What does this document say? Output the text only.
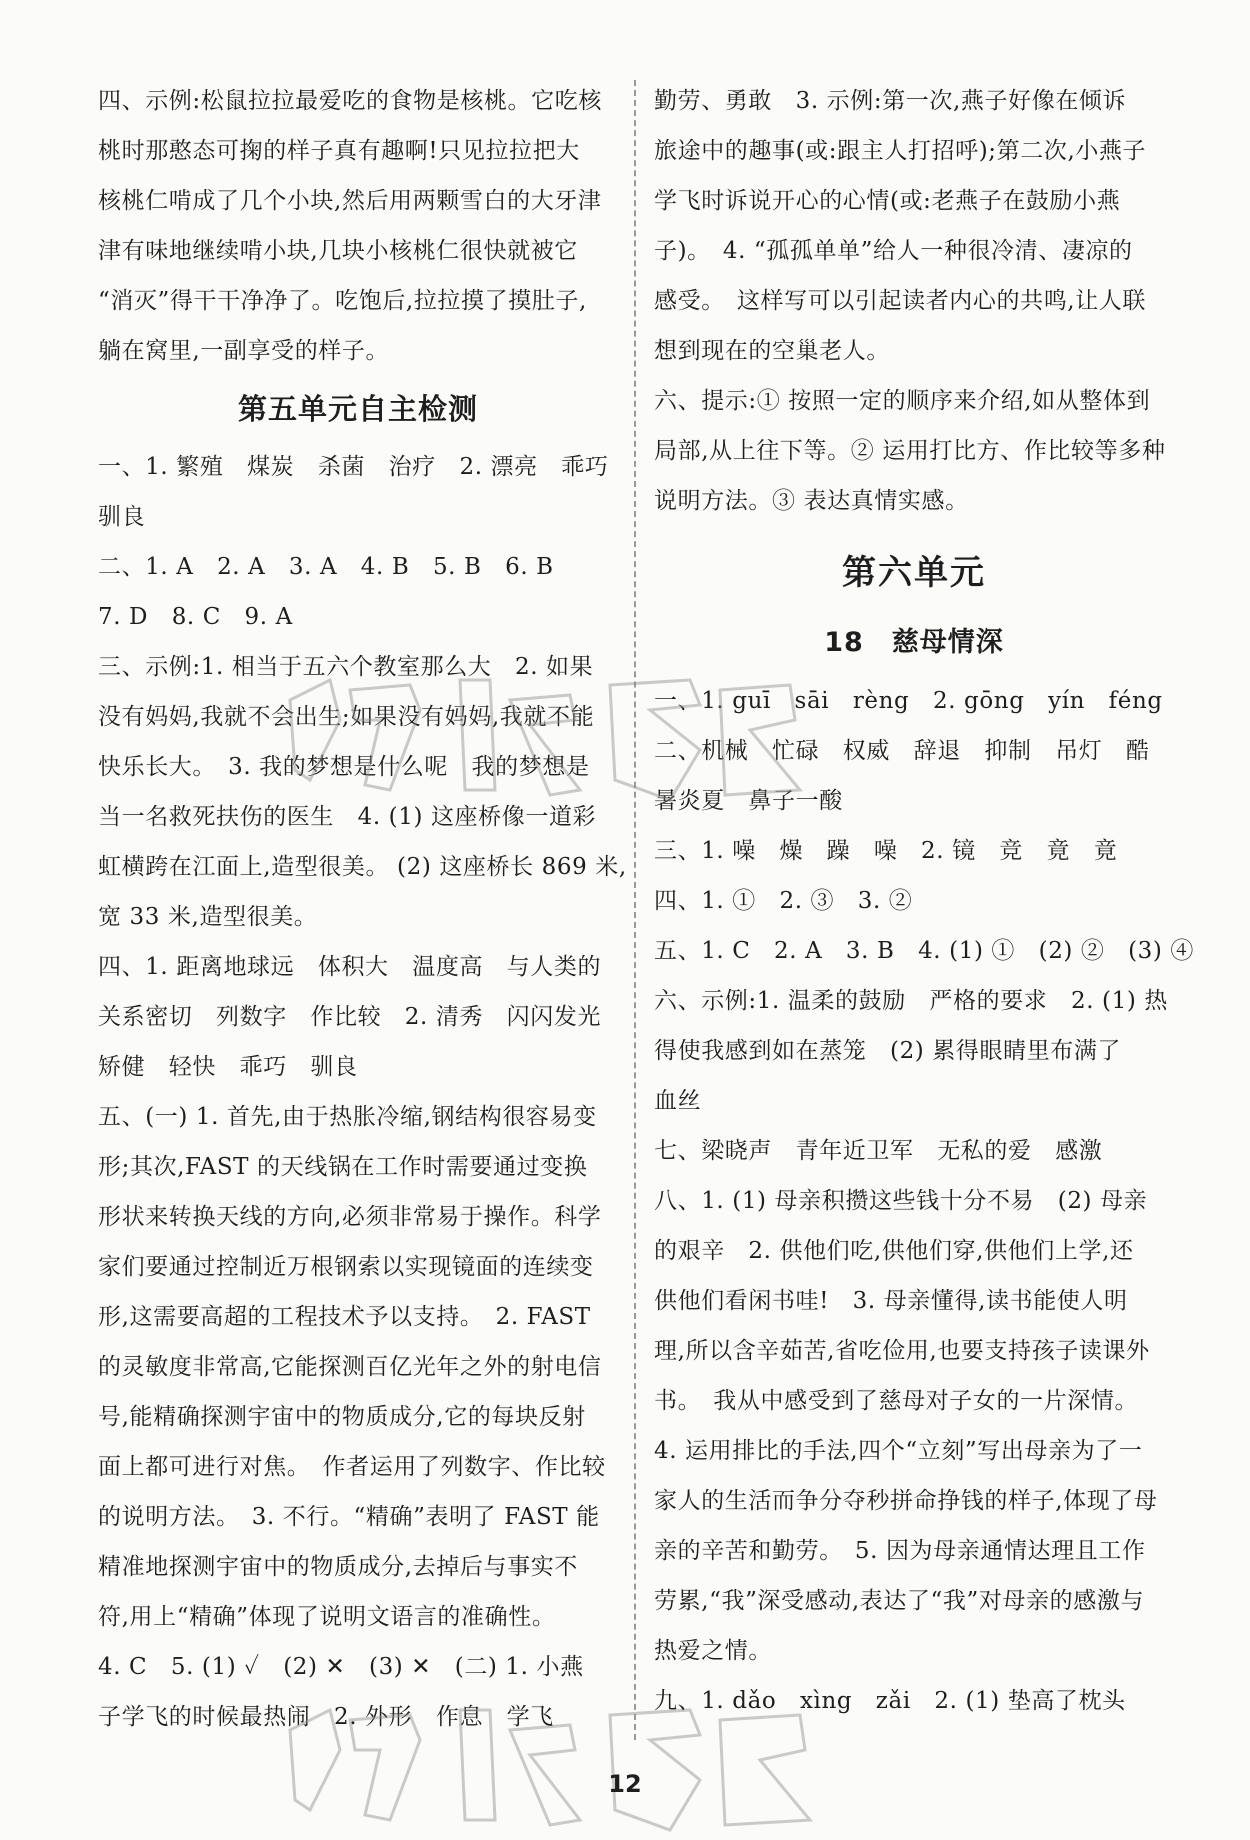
四、示例:松鼠拉拉最爱吃的食物是核桃。它吃核

桃时那憨态可掬的样子真有趣啊!只见拉拉把大

核桃仁啃成了几个小块,然后用两颗雪白的大牙津

津有味地继续啃小块,几块小核桃仁很快就被它

“消灭”得干干净净了。吃饱后,拉拉摸了摸肚子,

躺在窝里,一副享受的样子。

第五单元自主检测

一、1. 繁殖　煤炭　杀菌　治疗　2. 漂亮　乖巧

驯良

二、1. A　2. A　3. A　4. B　5. B　6. B

7. D　8. C　9. A

三、示例:1. 相当于五六个教室那么大　2. 如果

没有妈妈,我就不会出生;如果没有妈妈,我就不能

快乐长大。　3. 我的梦想是什么呢　我的梦想是

当一名救死扶伤的医生　4. (1) 这座桥像一道彩

虹横跨在江面上,造型很美。 (2) 这座桥长 869 米,

宽 33 米,造型很美。

四、1. 距离地球远　体积大　温度高　与人类的

关系密切　列数字　作比较　2. 清秀　闪闪发光

矫健　轻快　乖巧　驯良

五、(一) 1. 首先,由于热胀冷缩,钢结构很容易变

形;其次,FAST 的天线锅在工作时需要通过变换

形状来转换天线的方向,必须非常易于操作。科学

家们要通过控制近万根钢索以实现镜面的连续变

形,这需要高超的工程技术予以支持。　2. FAST

的灵敏度非常高,它能探测百亿光年之外的射电信

号,能精确探测宇宙中的物质成分,它的每块反射

面上都可进行对焦。　作者运用了列数字、作比较

的说明方法。　3. 不行。“精确”表明了 FAST 能

精准地探测宇宙中的物质成分,去掉后与事实不

符,用上“精确”体现了说明文语言的准确性。

4. C　5. (1) ✓　(2) ✕　(3) ✕　(二) 1. 小燕

子学飞的时候最热闹　2. 外形　作息　学飞

勤劳、勇敢　3. 示例:第一次,燕子好像在倾诉

旅途中的趣事(或:跟主人打招呼);第二次,小燕子

学飞时诉说开心的心情(或:老燕子在鼓励小燕

子)。　4. “孤孤单单”给人一种很冷清、凄凉的

感受。　这样写可以引起读者内心的共鸣,让人联

想到现在的空巢老人。

六、提示:① 按照一定的顺序来介绍,如从整体到

局部,从上往下等。② 运用打比方、作比较等多种

说明方法。③ 表达真情实感。

第六单元
18　慈母情深

一、1. guī　sāi　rèng　2. gōng　yín　féng

二、机械　忙碌　权威　辞退　抑制　吊灯　酷

暑炎夏　鼻子一酸

三、1. 噪　燥　躁　噪　2. 镜　竞　竟　竟

四、1. ①　2. ③　3. ②

五、1. C　2. A　3. B　4. (1) ①　(2) ②　(3) ④

六、示例:1. 温柔的鼓励　严格的要求　2. (1) 热

得使我感到如在蒸笼　(2) 累得眼睛里布满了

血丝

七、梁晓声　青年近卫军　无私的爱　感激

八、1. (1) 母亲积攒这些钱十分不易　(2) 母亲

的艰辛　2. 供他们吃,供他们穿,供他们上学,还

供他们看闲书哇!　3. 母亲懂得,读书能使人明

理,所以含辛茹苦,省吃俭用,也要支持孩子读课外

书。　我从中感受到了慈母对子女的一片深情。

4. 运用排比的手法,四个“立刻”写出母亲为了一

家人的生活而争分夺秒拼命挣钱的样子,体现了母

亲的辛苦和勤劳。　5. 因为母亲通情达理且工作

劳累,“我”深受感动,表达了“我”对母亲的感激与

热爱之情。

九、1. dǎo　xìng　zǎi　2. (1) 垫高了枕头

12
